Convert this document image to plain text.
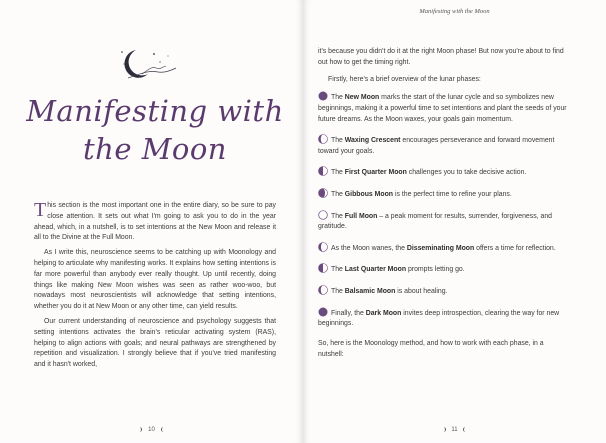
Manifesting with
the Moon

This section is the most important one in the entire diary, so be sure to pay close attention. It sets out what I'm going to ask you to do in the year ahead, which, in a nutshell, is to set intentions at the New Moon and release it all to the Divine at the Full Moon.

As I write this, neuroscience seems to be catching up with Moonology and helping to articulate why manifesting works. It explains how setting intentions is far more powerful than anybody ever really thought. Up until recently, doing things like making New Moon wishes was seen as rather woo-woo, but nowadays most neuroscientists will acknowledge that setting intentions, whether you do it at New Moon or any other time, can yield results.

Our current understanding of neuroscience and psychology suggests that setting intentions activates the brain's reticular activating system (RAS), helping to align actions with goals; and neural pathways are strengthened by repetition and visualization. I strongly believe that if you've tried manifesting and it hasn't worked,

10
Manifesting with the Moon
11

it's because you didn't do it at the right Moon phase! But now you're about to find out how to get the timing right.

Firstly, here's a brief overview of the lunar phases:

The New Moon marks the start of the lunar cycle and so symbolizes new beginnings, making it a powerful time to set intentions and plant the seeds of your future dreams. As the Moon waxes, your goals gain momentum.
The Waxing Crescent encourages perseverance and forward movement toward your goals.
The First Quarter Moon challenges you to take decisive action.
The Gibbous Moon is the perfect time to refine your plans.
The Full Moon – a peak moment for results, surrender, forgiveness, and gratitude.
As the Moon wanes, the Disseminating Moon offers a time for reflection.
The Last Quarter Moon prompts letting go.
The Balsamic Moon is about healing.
Finally, the Dark Moon invites deep introspection, clearing the way for new beginnings.

So, here is the Moonology method, and how to work with each phase, in a nutshell:
